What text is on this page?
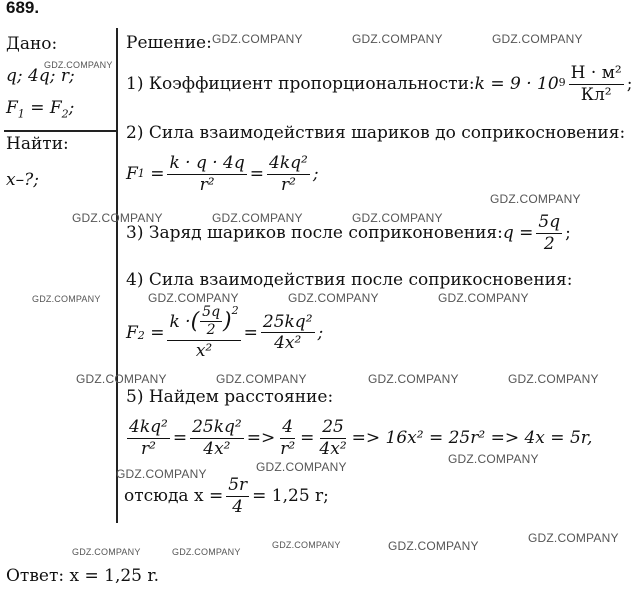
689.
Дано:
q; 4q; r;
$F_1 = F_2$;
Найти:
x–?;
Решение:
1) Коэффициент пропорциональности: k = 9 · 10 $9 \frac{\text{Н · м²}}{\text{Кл²}}$ ;
2) Сила взаимодействия шариков до соприкосновения:
F $1 = \frac{k \cdot q \cdot 4q}{\text{r²}} = \frac{\text{4kq²}}{\text{r²}}$ ;
3) Заряд шариков после соприконовения: $q = \frac{5q}{2}$ ;
4) Сила взаимодействия после соприкосновения:
F $2 = \frac{k \cdot ( \frac{5q}{2} )^2}{\text{x²}} = \frac{\text{25kq²}}{\text{4x²}}$ ;
5) Найдем расстояние:
$\frac{\text{4kq²}}{\text{r²}} = \frac{\text{25kq²}}{\text{4x²}} => \frac{4}{\text{r²}} = \frac{25}{\text{4x²}} => 16x^2 = 25r^2 => 4x = 5r$,
отсюда $x = \frac{5r}{4} = 1,25$ r;
Ответ: x = 1,25 r.
GDZ.COMPANY
GDZ.COMPANY	GDZ.COMPANY	GDZ.COMPANY
GDZ.COMPANY
GDZ.COMPANY	GDZ.COMPANY	GDZ.COMPANY
GDZ.COMPANY	GDZ.COMPANY	GDZ.COMPANY	GDZ.COMPANY
GDZ.COMPANY	GDZ.COMPANY	GDZ.COMPANY	GDZ.COMPANY
GDZ.COMPANY
GDZ.COMPANY
GDZ.COMPANY
GDZ.COMPANY	GDZ.COMPANY
GDZ.COMPANY	GDZ.COMPANY
GDZ.COMPANY
